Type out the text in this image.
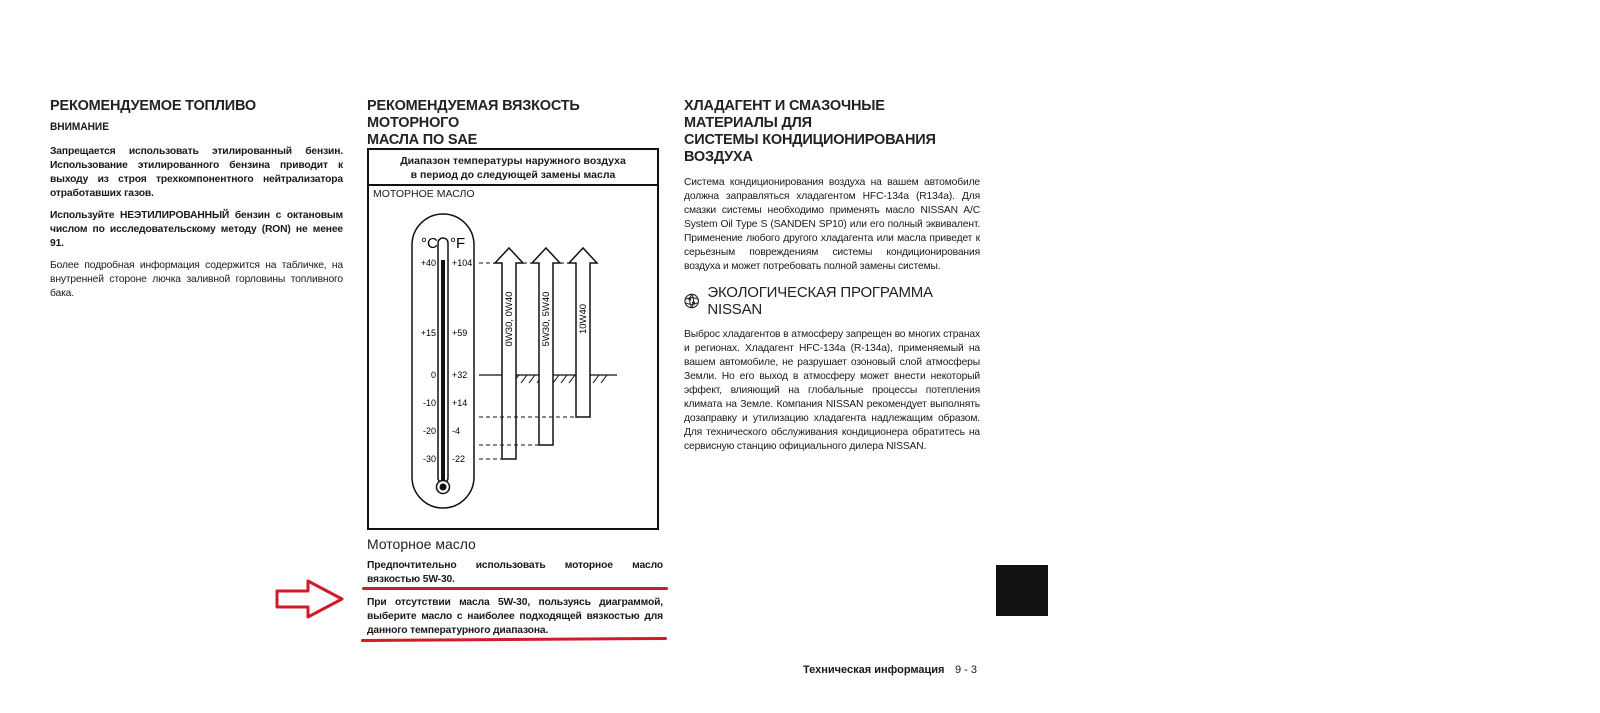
РЕКОМЕНДУЕМОЕ ТОПЛИВО
ВНИМАНИЕ

Запрещается использовать этилированный бензин. Использование этилированного бензина приводит к выходу из строя трехкомпонентного нейтрализатора отработавших газов.

Используйте НЕЭТИЛИРОВАННЫЙ бензин с октановым числом по исследовательскому методу (RON) не менее 91.

Более подробная информация содержится на табличке, на внутренней стороне лючка заливной горловины топливного бака.

РЕКОМЕНДУЕМАЯ ВЯЗКОСТЬ МОТОРНОГО
МАСЛА ПО SAE
Диапазон температуры наружного воздуха
в период до следующей замены масла
МОТОРНОЕ МАСЛО
°C °F
+40 +104
+15 +59
0 +32
-10 +14
-20 -4
-30 -22
0W30, 0W40	5W30, 5W40	10W40
Моторное масло

Предпочтительно использовать моторное масло вязкостью 5W-30.

При отсутствии масла 5W-30, пользуясь диаграммой, выберите масло с наиболее подходящей вязкостью для данного температурного диапазона.

ХЛАДАГЕНТ И СМАЗОЧНЫЕ МАТЕРИАЛЫ ДЛЯ
СИСТЕМЫ КОНДИЦИОНИРОВАНИЯ ВОЗДУХА

Система кондиционирования воздуха на вашем автомобиле должна заправляться хладагентом HFC-134a (R134a). Для смазки системы необходимо применять масло NISSAN A/C System Oil Type S (SANDEN SP10) или его полный эквивалент. Применение любого другого хладагента или масла приведет к серьезным повреждениям системы кондиционирования воздуха и может потребовать полной замены системы.

ЭКОЛОГИЧЕСКАЯ ПРОГРАММА NISSAN

Выброс хладагентов в атмосферу запрещен во многих странах и регионах. Хладагент HFC-134a (R-134a), применяемый на вашем автомобиле, не разрушает озоновый слой атмосферы Земли. Но его выход в атмосферу может внести некоторый эффект, влияющий на глобальные процессы потепления климата на Земле. Компания NISSAN рекомендует выполнять дозаправку и утилизацию хладагента надлежащим образом. Для технического обслуживания кондиционера обратитесь на сервисную станцию официального дилера NISSAN.

Техническая информация 9 - 3
